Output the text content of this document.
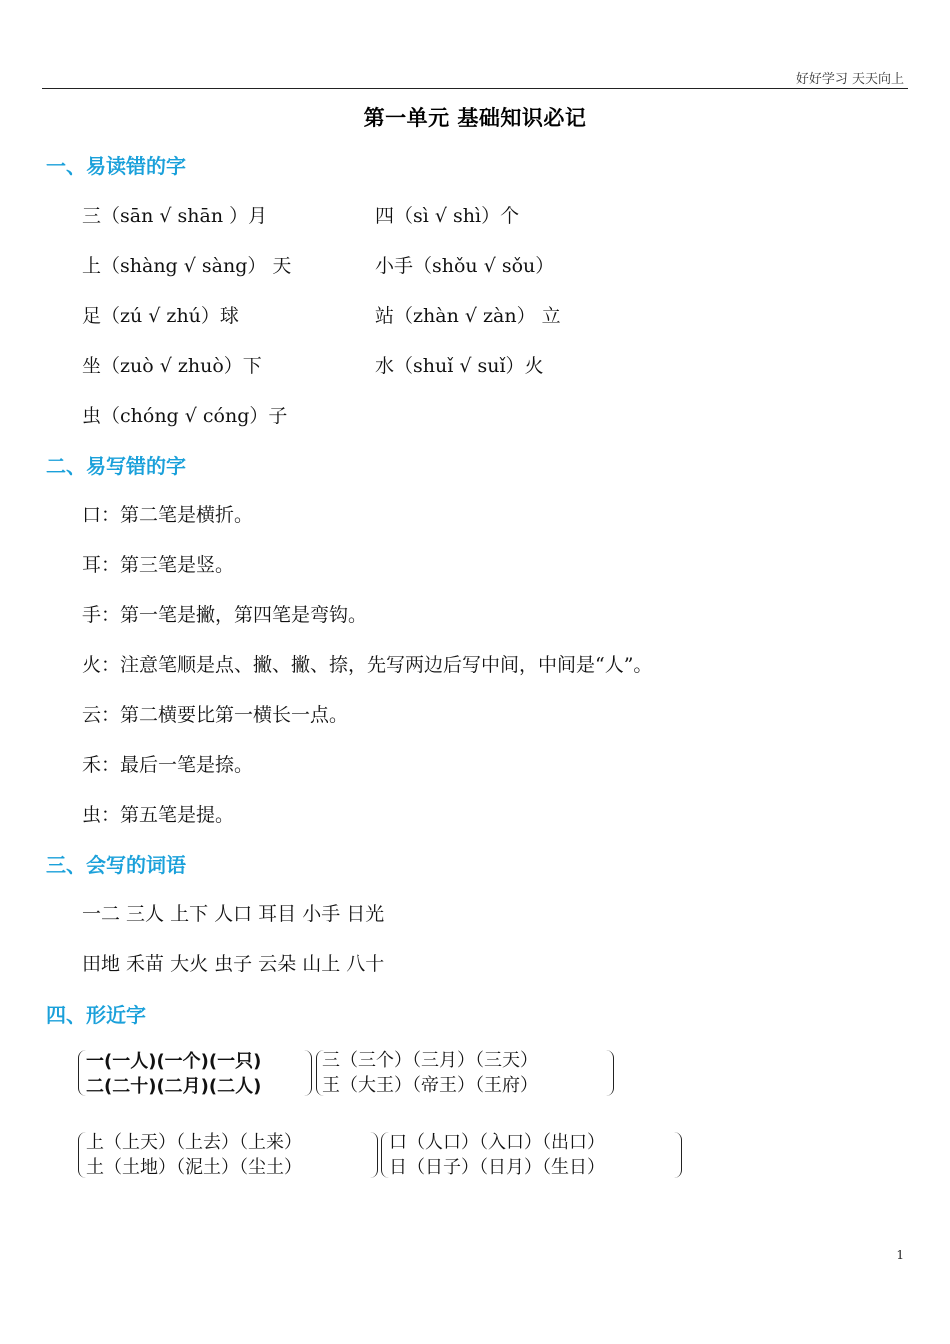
好好学习 天天向上
第一单元 基础知识必记
一、易读错的字
三（sān √ shān ）月	四（sì √ shì）个
上（shàng √ sàng） 天	小手（shǒu √ sǒu）
足（zú √ zhú）球	站（zhàn √ zàn） 立
坐（zuò √ zhuò）下	水（shuǐ √ suǐ）火
虫（chóng √ cóng）子
二、易写错的字
口：第二笔是横折。
耳：第三笔是竖。
手：第一笔是撇，第四笔是弯钩。
火：注意笔顺是点、撇、撇、捺，先写两边后写中间，中间是“人”。
云：第二横要比第一横长一点。
禾：最后一笔是捺。
虫：第五笔是提。
三、会写的词语
一二 三人 上下 人口 耳目 小手 日光
田地 禾苗 大火 虫子 云朵 山上 八十
四、形近字
一(一人)(一个)(一只)
二(二十)(二月)(二人)
三（三个）（三月）（三天）
王（大王）（帝王）（王府）
上（上天）（上去）（上来）
土（土地）（泥土）（尘土）
口（人口）（入口）（出口）
日（日子）（日月）（生日）
1
